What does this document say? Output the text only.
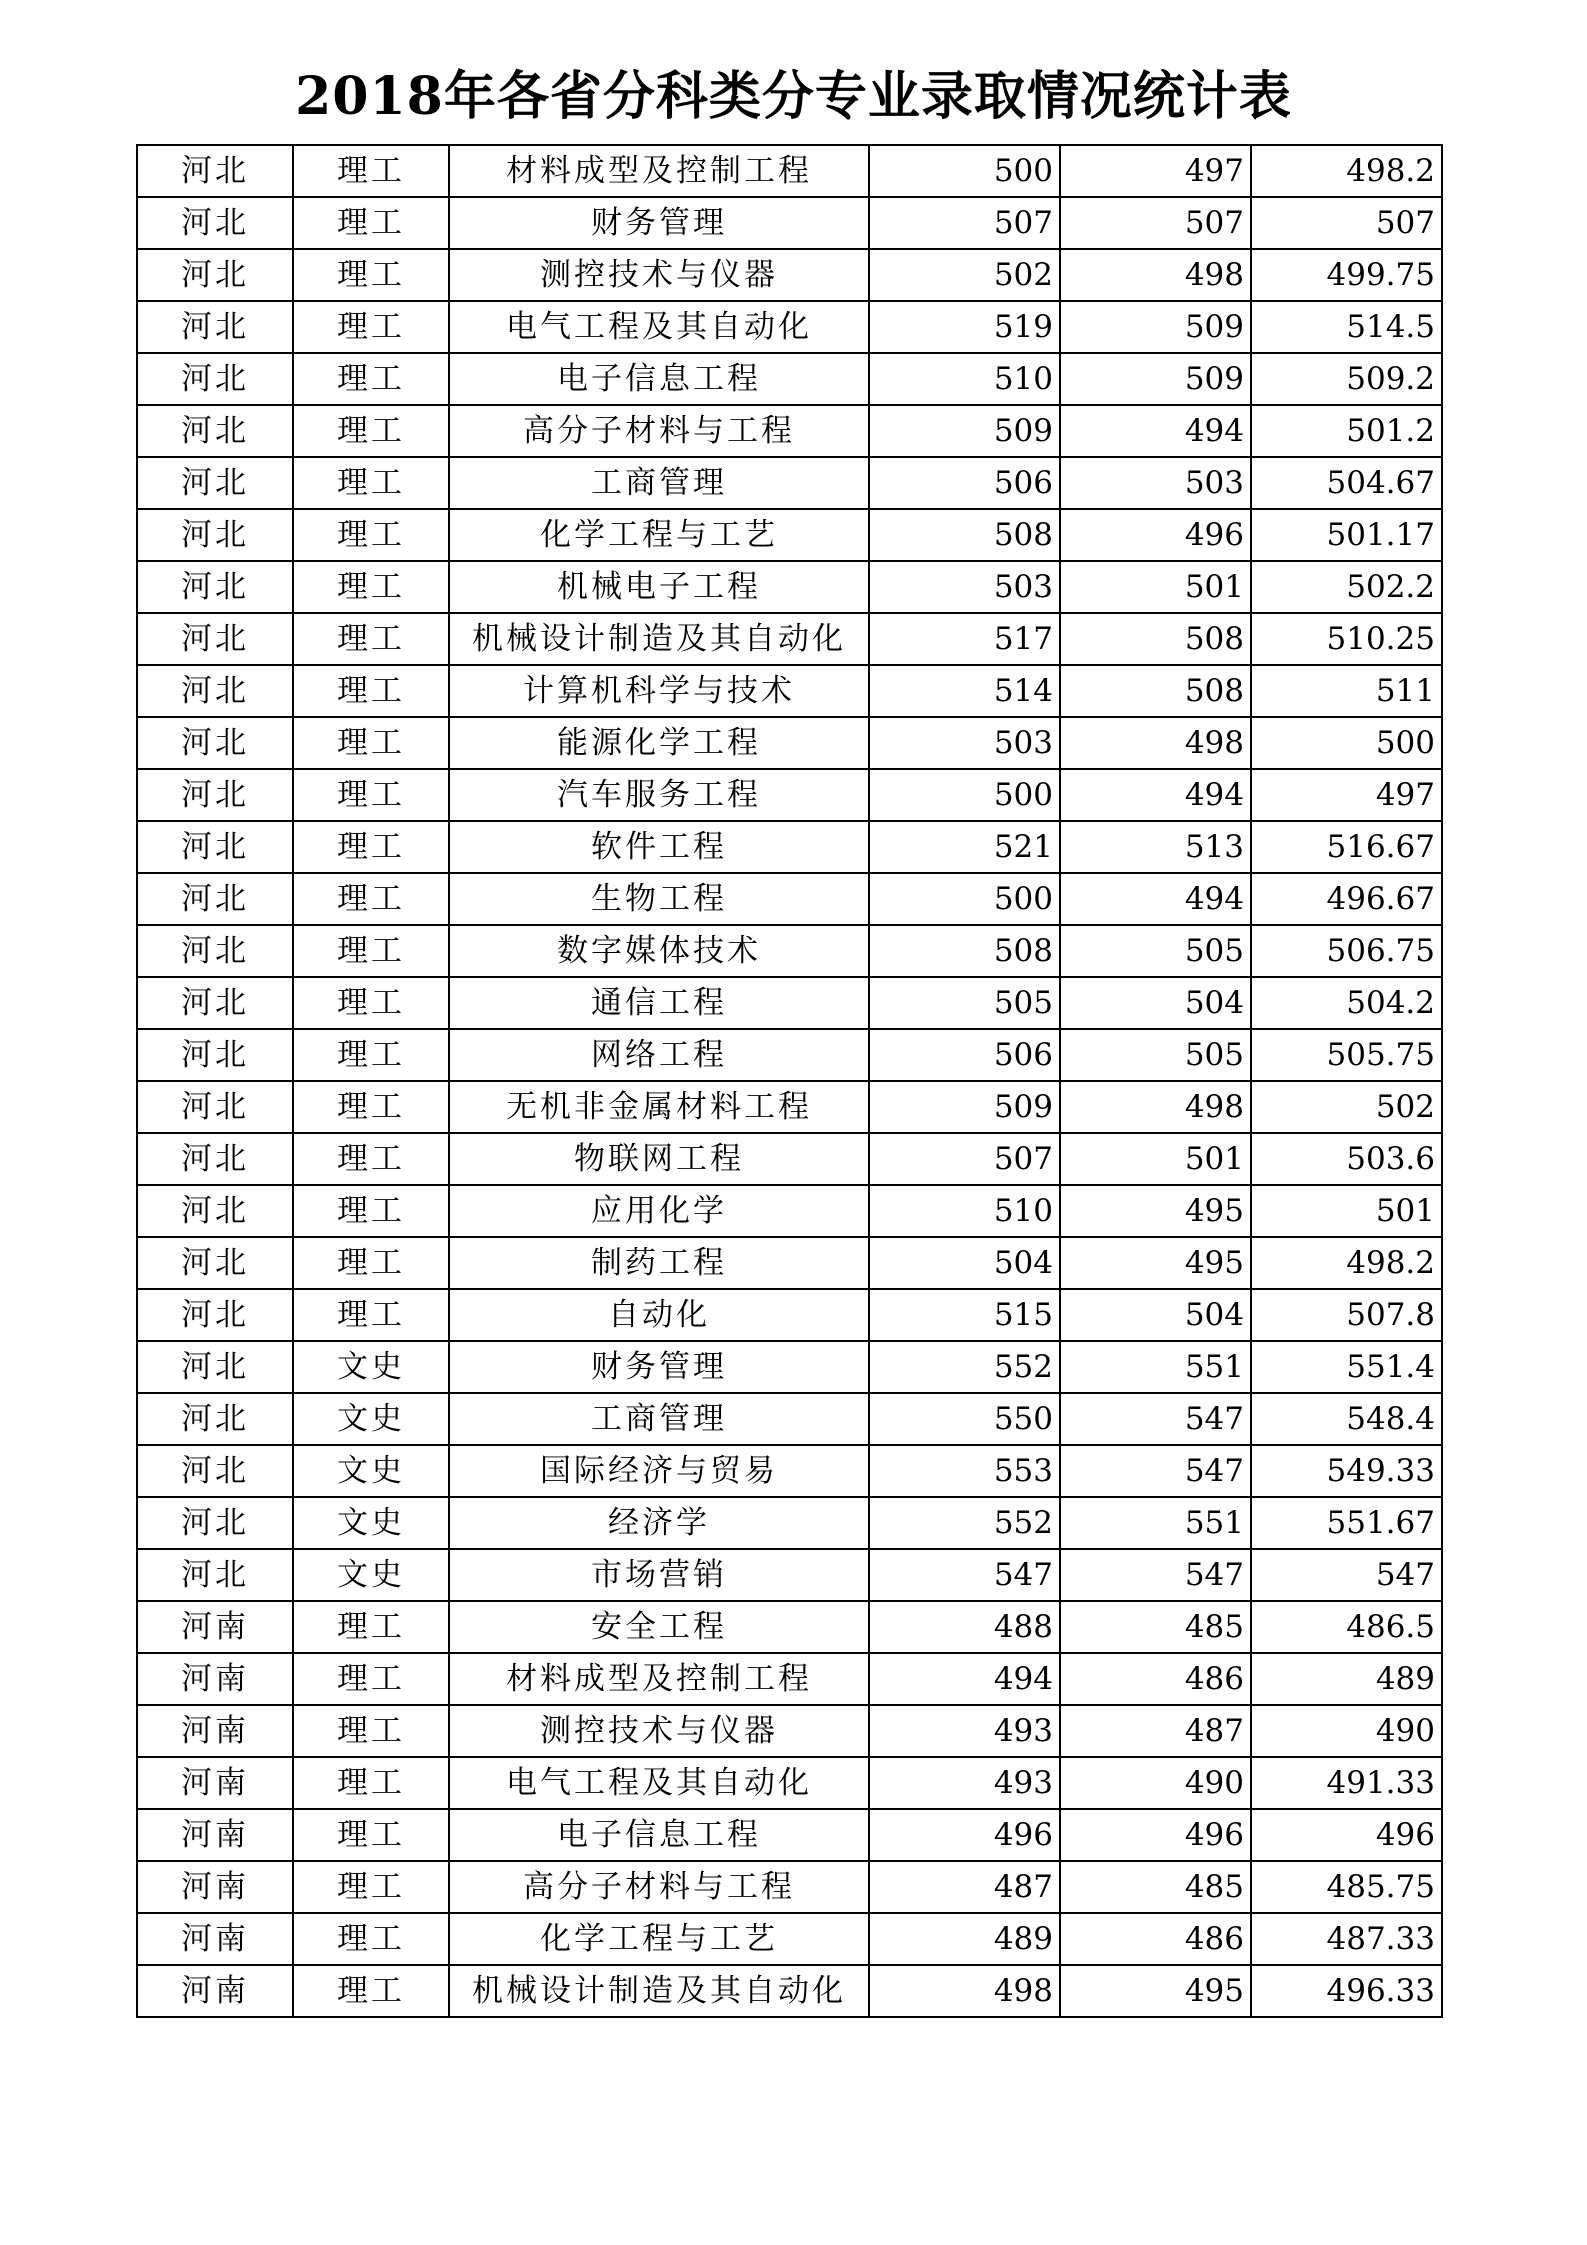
2018年各省分科类分专业录取情况统计表
河北	理工	材料成型及控制工程	500	497	498.2
河北	理工	财务管理	507	507	507
河北	理工	测控技术与仪器	502	498	499.75
河北	理工	电气工程及其自动化	519	509	514.5
河北	理工	电子信息工程	510	509	509.2
河北	理工	高分子材料与工程	509	494	501.2
河北	理工	工商管理	506	503	504.67
河北	理工	化学工程与工艺	508	496	501.17
河北	理工	机械电子工程	503	501	502.2
河北	理工	机械设计制造及其自动化	517	508	510.25
河北	理工	计算机科学与技术	514	508	511
河北	理工	能源化学工程	503	498	500
河北	理工	汽车服务工程	500	494	497
河北	理工	软件工程	521	513	516.67
河北	理工	生物工程	500	494	496.67
河北	理工	数字媒体技术	508	505	506.75
河北	理工	通信工程	505	504	504.2
河北	理工	网络工程	506	505	505.75
河北	理工	无机非金属材料工程	509	498	502
河北	理工	物联网工程	507	501	503.6
河北	理工	应用化学	510	495	501
河北	理工	制药工程	504	495	498.2
河北	理工	自动化	515	504	507.8
河北	文史	财务管理	552	551	551.4
河北	文史	工商管理	550	547	548.4
河北	文史	国际经济与贸易	553	547	549.33
河北	文史	经济学	552	551	551.67
河北	文史	市场营销	547	547	547
河南	理工	安全工程	488	485	486.5
河南	理工	材料成型及控制工程	494	486	489
河南	理工	测控技术与仪器	493	487	490
河南	理工	电气工程及其自动化	493	490	491.33
河南	理工	电子信息工程	496	496	496
河南	理工	高分子材料与工程	487	485	485.75
河南	理工	化学工程与工艺	489	486	487.33
河南	理工	机械设计制造及其自动化	498	495	496.33
